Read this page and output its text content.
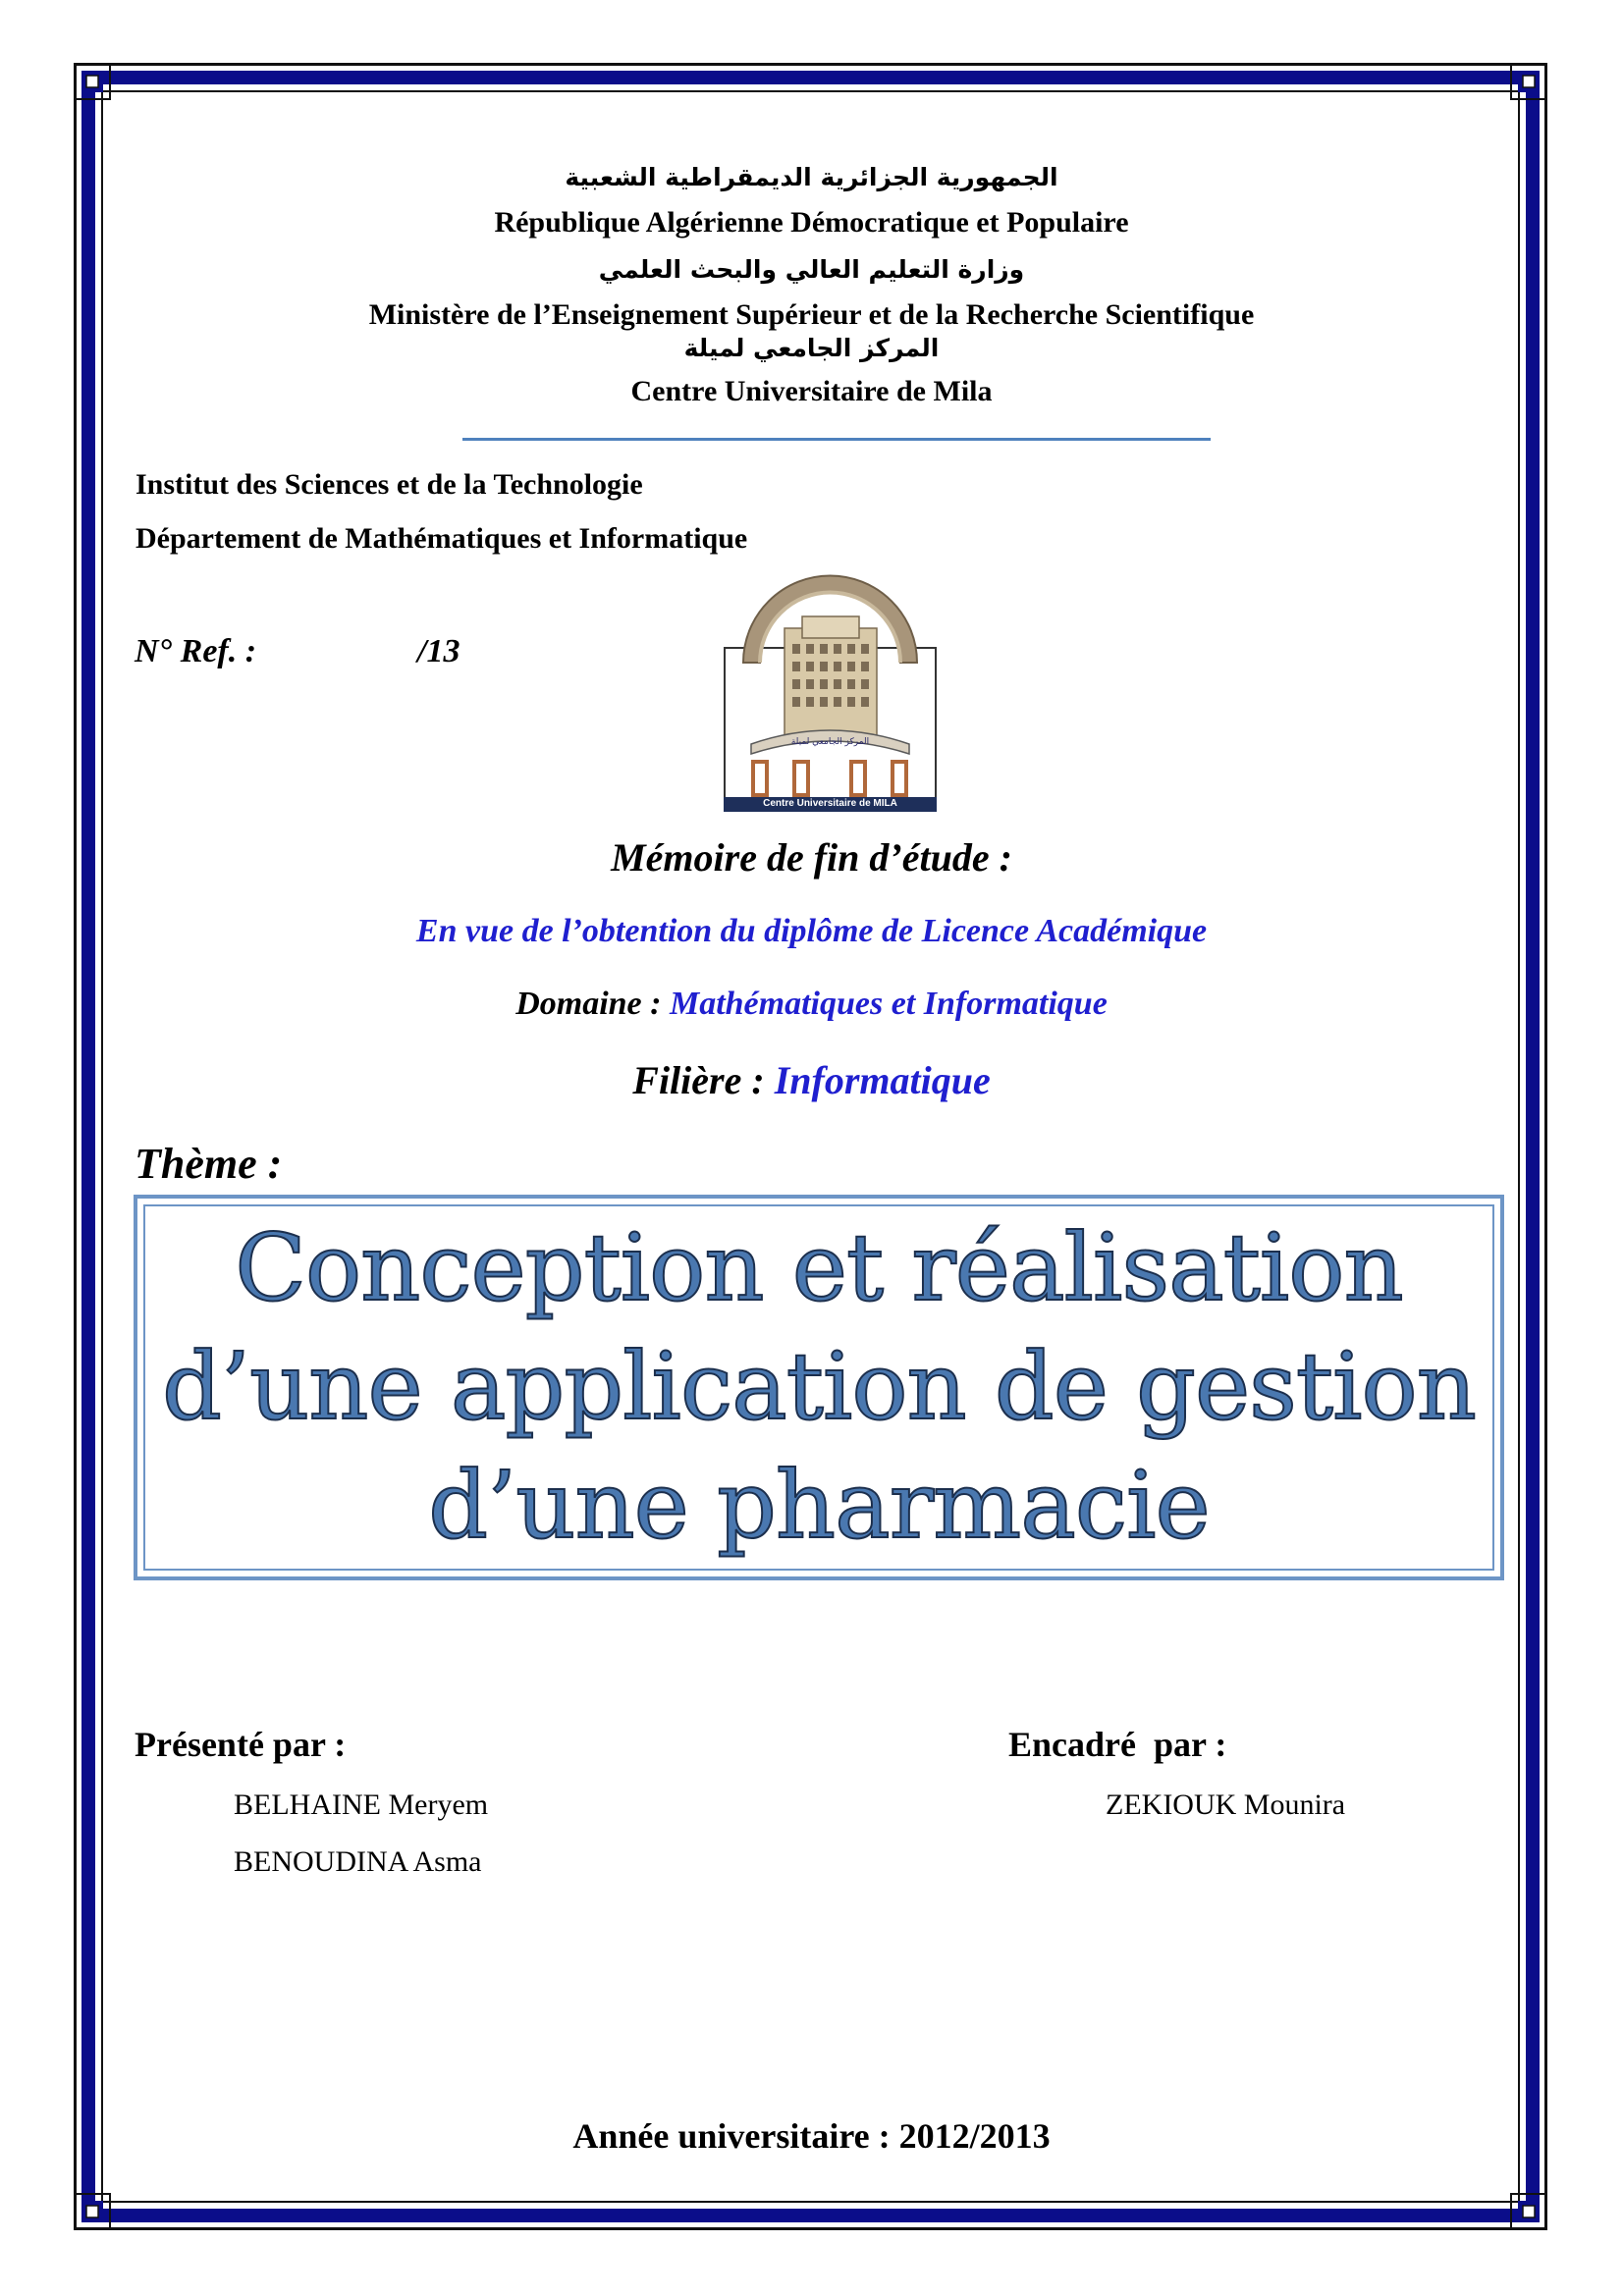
الجمهورية الجزائرية الديمقراطية الشعبية
République Algérienne Démocratique et Populaire
وزارة التعليم العالي والبحث العلمي
Ministère de l’Enseignement Supérieur et de la Recherche Scientifique
المركز الجامعي لميلة
Centre Universitaire de Mila
Institut des Sciences et de la Technologie
Département de Mathématiques et Informatique
N° Ref. :	/13
المركز الجامعي لميلة
Centre Universitaire de MILA
Mémoire de fin d’étude :
En vue de l’obtention du diplôme de Licence Académique
Domaine : Mathématiques et Informatique
Filière : Informatique
Thème :
Conception et réalisation
d’une application de gestion
d’une pharmacie
Présenté par :
BELHAINE Meryem
BENOUDINA Asma
Encadré  par :
ZEKIOUK Mounira
Année universitaire : 2012/2013
